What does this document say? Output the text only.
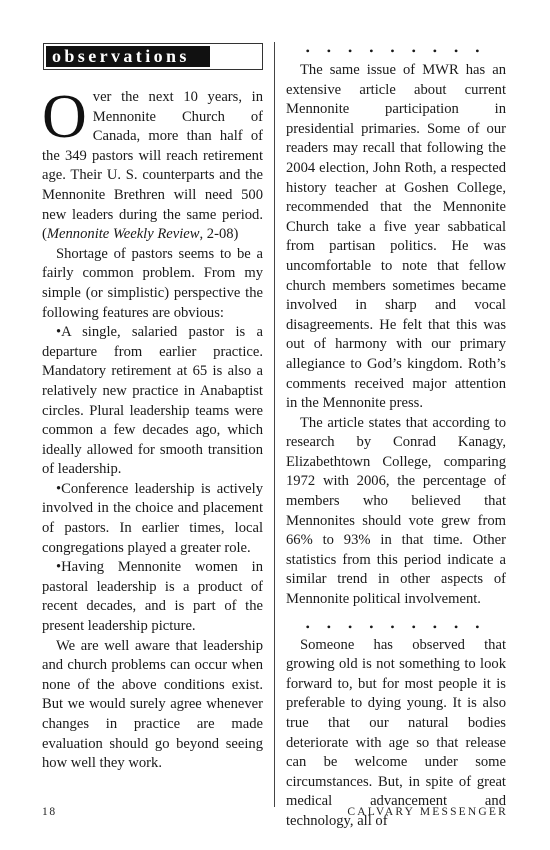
observations

Over the next 10 years, in Mennonite Church of Canada, more than half of the 349 pastors will reach retirement age. Their U. S. counterparts and the Mennonite Brethren will need 500 new leaders during the same period. (Mennonite Weekly Review, 2-08)

Shortage of pastors seems to be a fairly common problem. From my simple (or simplistic) perspective the following features are obvious:

•A single, salaried pastor is a departure from earlier practice. Mandatory retirement at 65 is also a relatively new practice in Anabaptist circles. Plural leadership teams were common a few decades ago, which ideally allowed for smooth transition of leadership.

•Conference leadership is actively involved in the choice and placement of pastors. In earlier times, local congregations played a greater role.

•Having Mennonite women in pastoral leadership is a product of recent decades, and is part of the present leadership picture.

We are well aware that leadership and church problems can occur when none of the above conditions exist. But we would surely agree whenever changes in practice are made evaluation should go beyond seeing how well they work.

• • • • • • • • •

The same issue of MWR has an extensive article about current Mennonite participation in presidential primaries. Some of our readers may recall that following the 2004 election, John Roth, a respected history teacher at Goshen College, recommended that the Mennonite Church take a five year sabbatical from partisan politics. He was uncomfortable to note that fellow church members sometimes became involved in sharp and vocal disagreements. He felt that this was out of harmony with our primary allegiance to God’s kingdom. Roth’s comments received major attention in the Mennonite press.

The article states that according to research by Conrad Kanagy, Elizabethtown College, comparing 1972 with 2006, the percentage of members who believed that Mennonites should vote grew from 66% to 93% in that time. Other statistics from this period indicate a similar trend in other aspects of Mennonite political involvement.

• • • • • • • • •

Someone has observed that growing old is not something to look forward to, but for most people it is preferable to dying young. It is also true that our natural bodies deteriorate with age so that release can be welcome under some circumstances. But, in spite of great medical advancement and technology, all of

18	CALVARY MESSENGER
